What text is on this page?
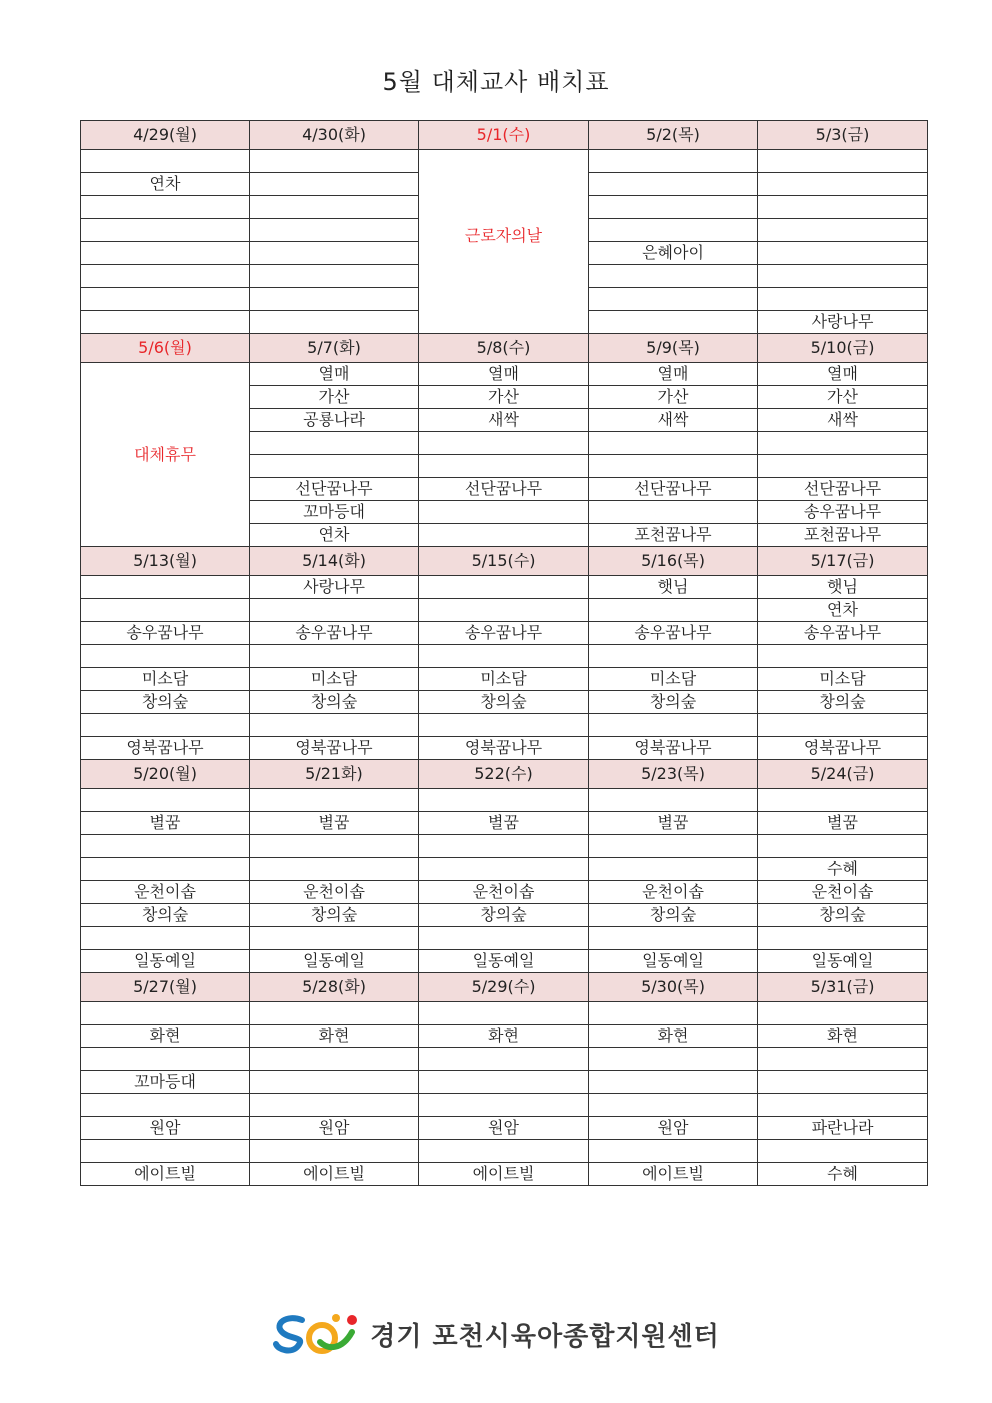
5월 대체교사 배치표
4/29(월)	4/30(화)	5/1(수)	5/2(목)	5/3(금)
		근로자의날		
연차				

			은혜아이	

				사랑나무
5/6(월)	5/7(화)	5/8(수)	5/9(목)	5/10(금)
대체휴무	열매	열매	열매	열매
	가산	가산	가산	가산
	공룡나라	새싹	새싹	새싹

	선단꿈나무	선단꿈나무	선단꿈나무	선단꿈나무
	꼬마등대			송우꿈나무
	연차		포천꿈나무	포천꿈나무
5/13(월)	5/14(화)	5/15(수)	5/16(목)	5/17(금)
	사랑나무		햇님	햇님
				연차
송우꿈나무	송우꿈나무	송우꿈나무	송우꿈나무	송우꿈나무

미소담	미소담	미소담	미소담	미소담
창의숲	창의숲	창의숲	창의숲	창의숲

영북꿈나무	영북꿈나무	영북꿈나무	영북꿈나무	영북꿈나무
5/20(월)	5/21화)	522(수)	5/23(목)	5/24(금)

별꿈	별꿈	별꿈	별꿈	별꿈

				수혜
운천이솝	운천이솝	운천이솝	운천이솝	운천이솝
창의숲	창의숲	창의숲	창의숲	창의숲

일동예일	일동예일	일동예일	일동예일	일동예일
5/27(월)	5/28(화)	5/29(수)	5/30(목)	5/31(금)

화현	화현	화현	화현	화현

꼬마등대				

원암	원암	원암	원암	파란나라

에이트빌	에이트빌	에이트빌	에이트빌	수혜
경기 포천시육아종합지원센터
